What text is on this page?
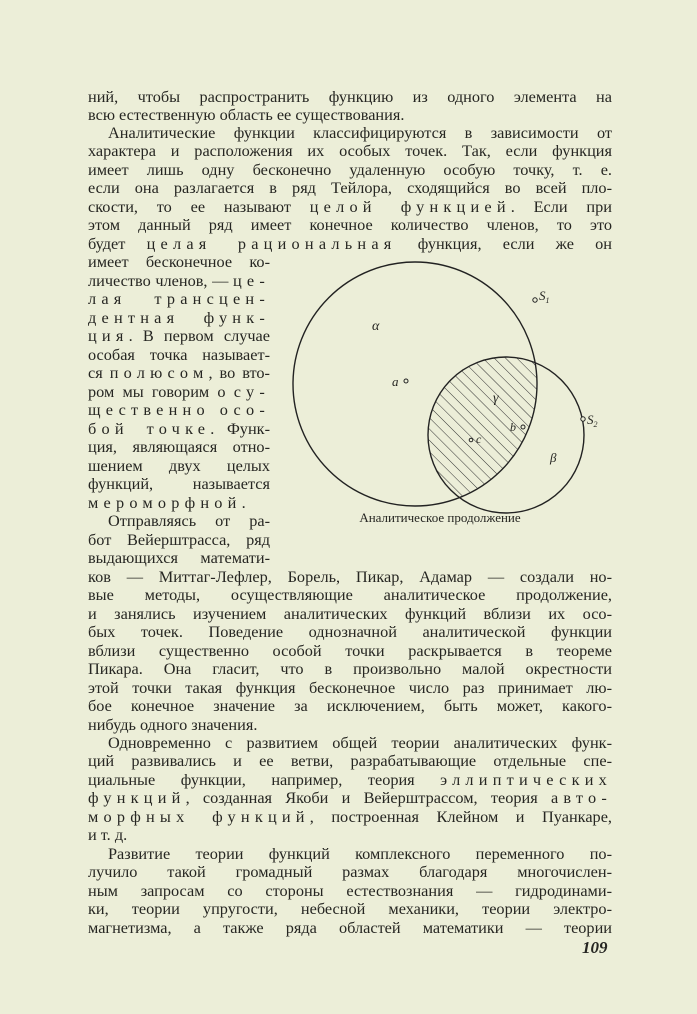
ний, чтобы распространить функцию из одного элемента на
всю естественную область ее существования.
Аналитические функции классифицируются в зависимости от
характера и расположения их особых точек. Так, если функция
имеет лишь одну бесконечно удаленную особую точку, т. е.
если она разлагается в ряд Тейлора, сходящийся во всей пло-
скости, то ее называют целой функцией. Если при
этом данный ряд имеет конечное количество членов, то это
будет целая рациональная функция, если же он
имеет бесконечное ко-
личество членов, — це-
лая трансцен-
дентная функ-
ция. В первом случае
особая точка называет-
ся полюсом, во вто-
ром мы говорим о су-
щественно осо-
бой точке. Функ-
ция, являющаяся отно-
шением двух целых
функций, называется
мероморфной.
Отправляясь от ра-
бот Вейерштрасса, ряд
выдающихся математи-
ков — Миттаг-Лефлер, Борель, Пикар, Адамар — создали но-
вые методы, осуществляющие аналитическое продолжение,
и занялись изучением аналитических функций вблизи их осо-
бых точек. Поведение однозначной аналитической функции
вблизи существенно особой точки раскрывается в теореме
Пикара. Она гласит, что в произвольно малой окрестности
этой точки такая функция бесконечное число раз принимает лю-
бое конечное значение за исключением, быть может, какого-
нибудь одного значения.
Одновременно с развитием общей теории аналитических функ-
ций развивались и ее ветви, разрабатывающие отдельные спе-
циальные функции, например, теория эллиптических
функций, созданная Якоби и Вейерштрассом, теория авто-
морфных функций, построенная Клейном и Пуанкаре,
и т. д.
Развитие теории функций комплексного переменного по-
лучило такой громадный размах благодаря многочислен-
ным запросам со стороны естествознания — гидродинами-
ки, теории упругости, небесной механики, теории электро-
магнетизма, а также ряда областей математики — теории
α
a
γ
c
b
β
$S_1$
$S_2$
Аналитическое продолжение
109
